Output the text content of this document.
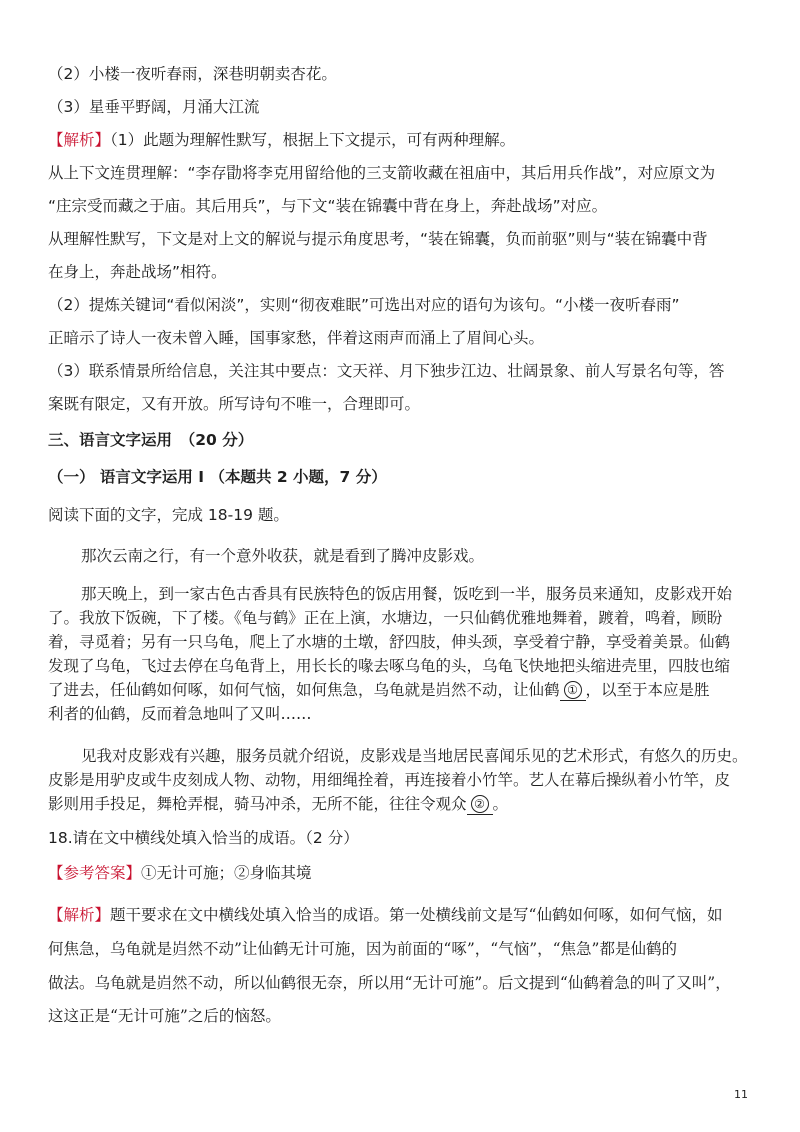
（2）小楼一夜听春雨，深巷明朝卖杏花。
（3）星垂平野阔，月涌大江流
【解析】（1）此题为理解性默写，根据上下文提示，可有两种理解。
从上下文连贯理解：“李存勖将李克用留给他的三支箭收藏在祖庙中，其后用兵作战”，对应原文为
“庄宗受而藏之于庙。其后用兵”，与下文“装在锦囊中背在身上，奔赴战场”对应。
从理解性默写，下文是对上文的解说与提示角度思考，“装在锦囊，负而前驱”则与“装在锦囊中背
在身上，奔赴战场”相符。
（2）提炼关键词“看似闲淡”，实则“彻夜难眠”可选出对应的语句为该句。“小楼一夜听春雨”
正暗示了诗人一夜未曾入睡，国事家愁，伴着这雨声而涌上了眉间心头。
（3）联系情景所给信息，关注其中要点：文天祥、月下独步江边、壮阔景象、前人写景名句等，答
案既有限定，又有开放。所写诗句不唯一，合理即可。
三、语言文字运用　（20 分）
（一） 语言文字运用 I （本题共 2 小题，7 分）
阅读下面的文字，完成 18-19 题。
那次云南之行，有一个意外收获，就是看到了腾冲皮影戏。
那天晚上，到一家古色古香具有民族特色的饭店用餐，饭吃到一半，服务员来通知，皮影戏开始
了。我放下饭碗，下了楼。《龟与鹤》正在上演，水塘边，一只仙鹤优雅地舞着，踱着，鸣着，顾盼
着，寻觅着；另有一只乌龟，爬上了水塘的土墩，舒四肢，伸头颈，享受着宁静，享受着美景。仙鹤
发现了乌龟，飞过去停在乌龟背上，用长长的喙去啄乌龟的头，乌龟飞快地把头缩进壳里，四肢也缩
了进去，任仙鹤如何啄，如何气恼，如何焦急，乌龟就是岿然不动，让仙鹤 ① ，以至于本应是胜
利者的仙鹤，反而着急地叫了又叫……
见我对皮影戏有兴趣，服务员就介绍说，皮影戏是当地居民喜闻乐见的艺术形式，有悠久的历史。
皮影是用驴皮或牛皮刻成人物、动物，用细绳拴着，再连接着小竹竿。艺人在幕后操纵着小竹竿，皮
影则用手投足，舞枪弄棍，骑马冲杀，无所不能，往往令观众 ② 。
18.请在文中横线处填入恰当的成语。（2 分）
【参考答案】①无计可施；②身临其境
【解析】题干要求在文中横线处填入恰当的成语。第一处横线前文是写“仙鹤如何啄，如何气恼，如
何焦急，乌龟就是岿然不动”让仙鹤无计可施，因为前面的“啄”，“气恼”，“焦急”都是仙鹤的
做法。乌龟就是岿然不动，所以仙鹤很无奈，所以用“无计可施”。后文提到“仙鹤着急的叫了又叫”，
这这正是“无计可施”之后的恼怒。
11
